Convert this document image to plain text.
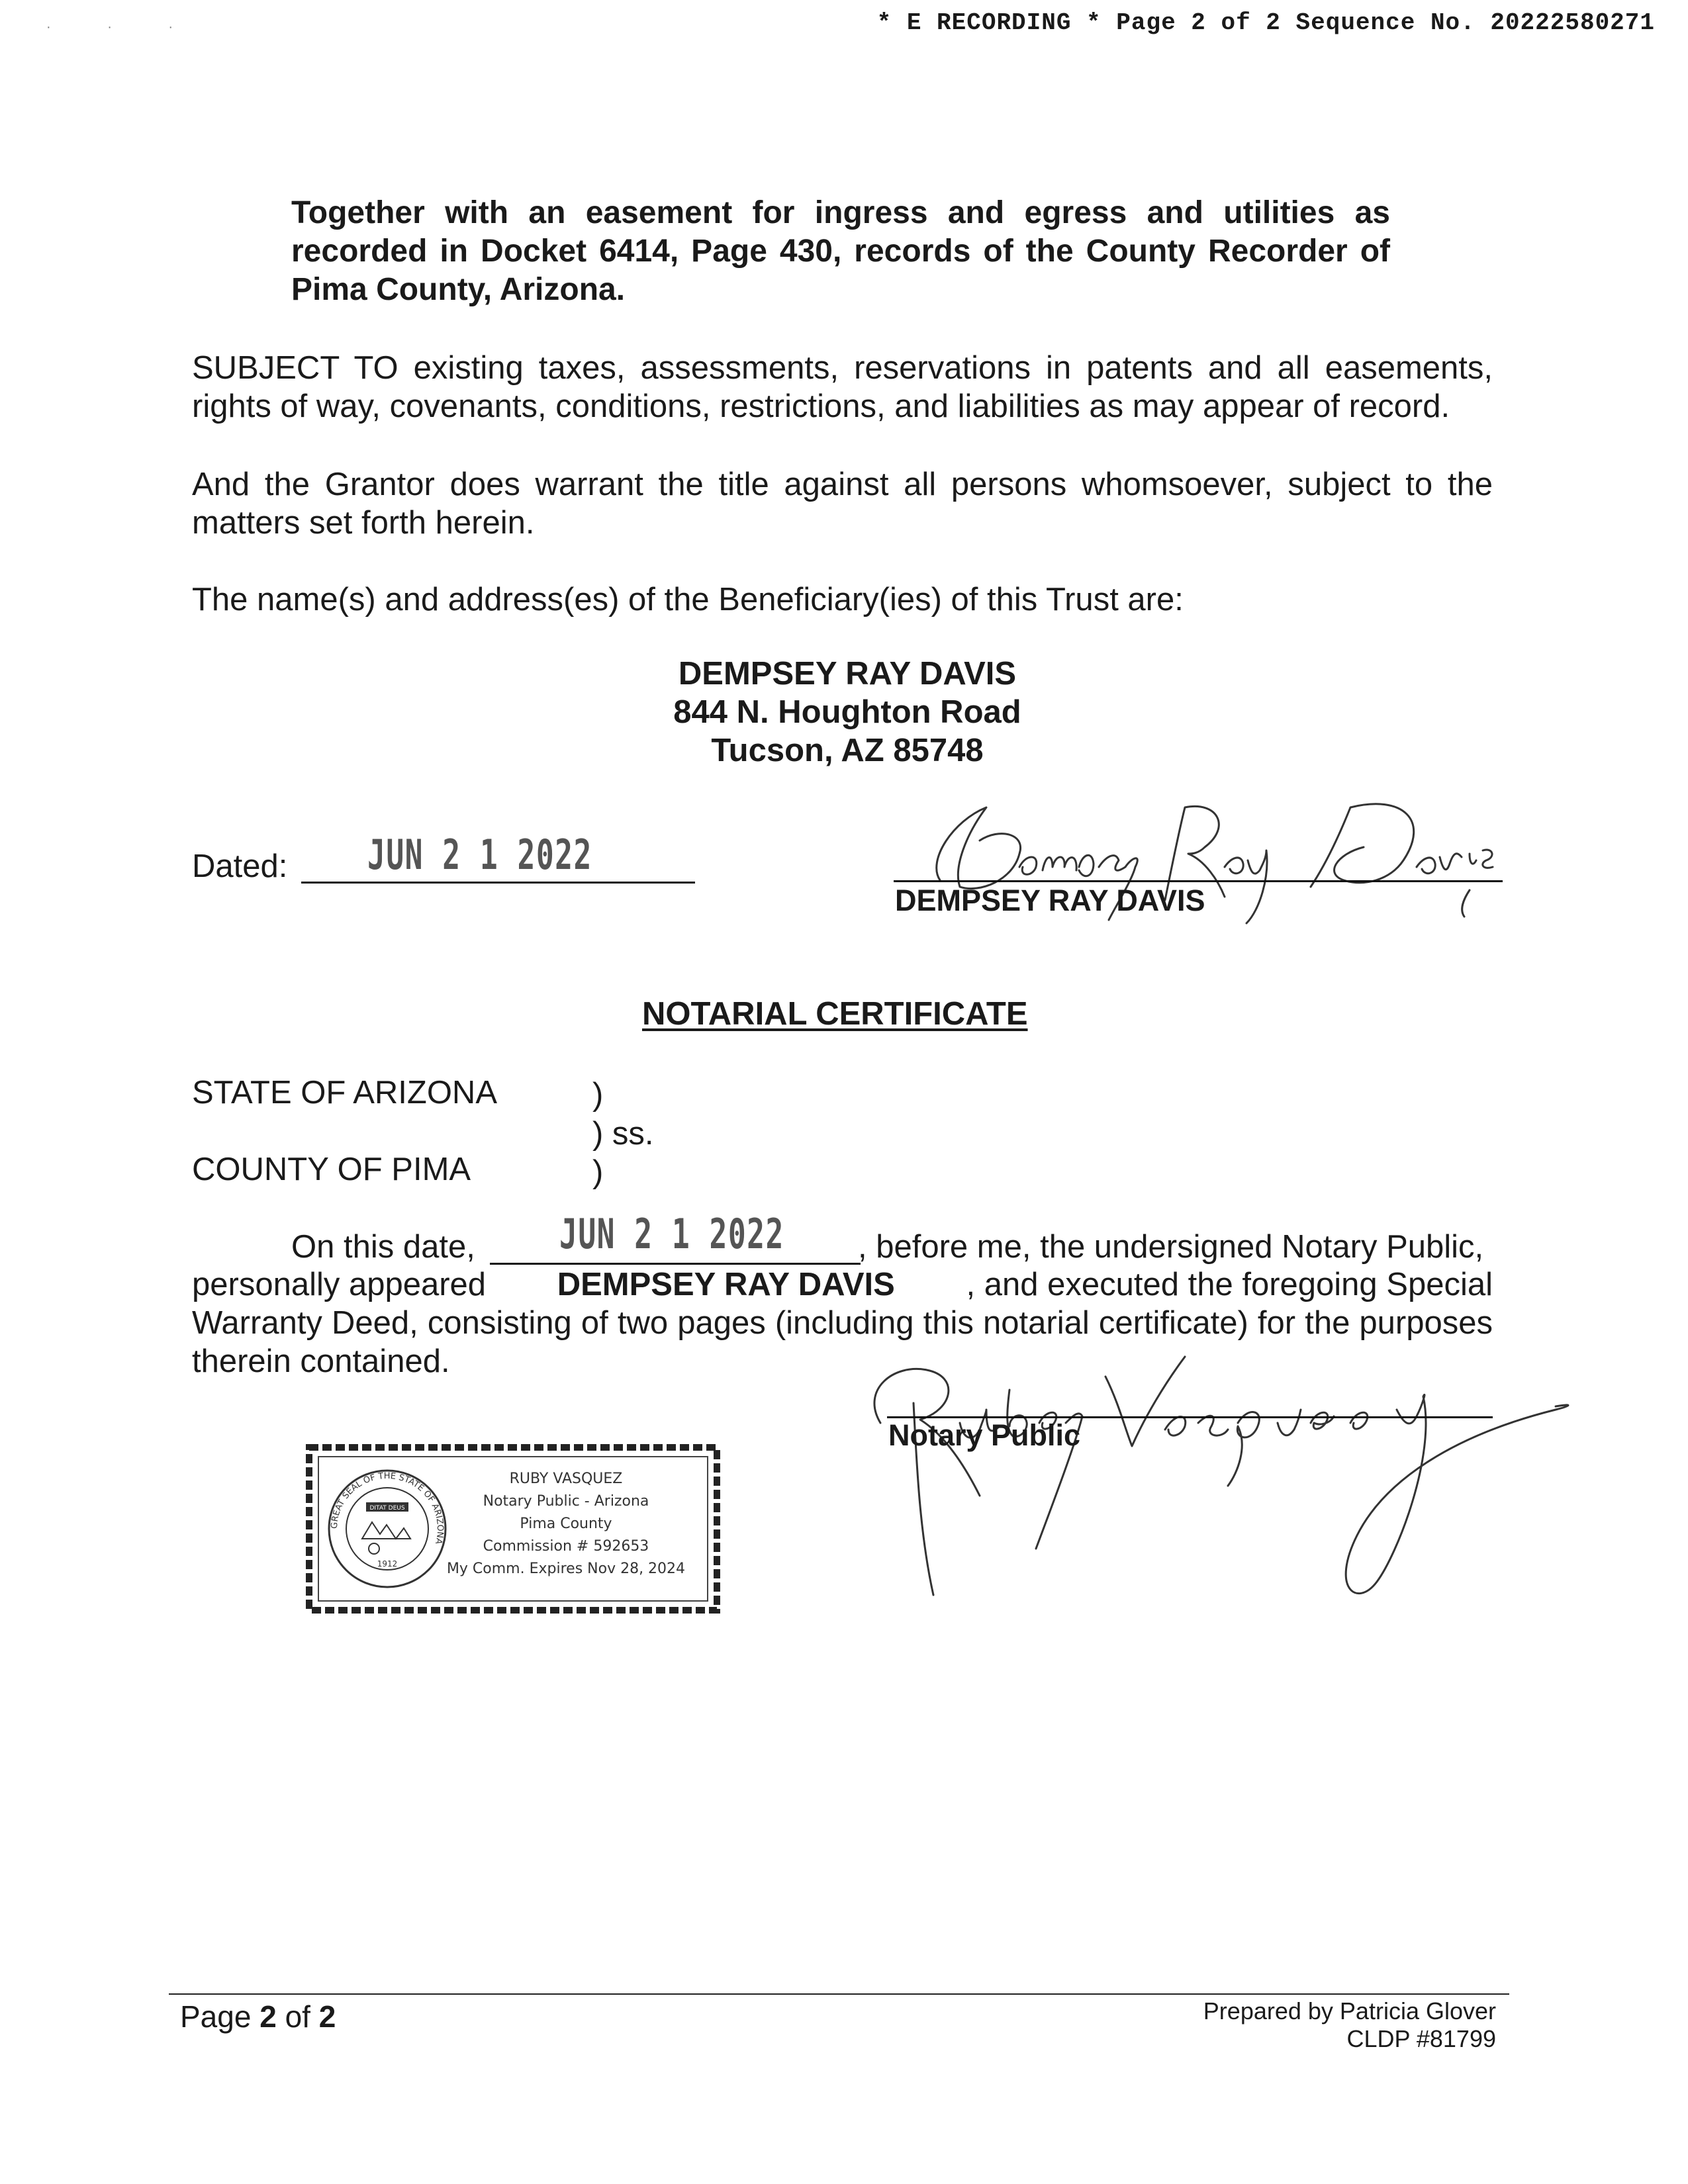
· · ·	* E RECORDING * Page 2 of 2 Sequence No. 20222580271
Together with an easement for ingress and egress and utilities as recorded in Docket 6414, Page 430, records of the County Recorder of Pima County, Arizona.
SUBJECT TO existing taxes, assessments, reservations in patents and all easements, rights of way, covenants, conditions, restrictions, and liabilities as may appear of record.
And the Grantor does warrant the title against all persons whomsoever, subject to the matters set forth herein.
The name(s) and address(es) of the Beneficiary(ies) of this Trust are:
DEMPSEY RAY DAVIS
844 N. Houghton Road
Tucson, AZ 85748
Dated: JUN 2 1 2022
DEMPSEY RAY DAVIS
NOTARIAL CERTIFICATE
STATE OF ARIZONA
COUNTY OF PIMA
)
) ss.
)
On this date, JUN 2 1 2022 , before me, the undersigned Notary Public,
personally appeared DEMPSEY RAY DAVIS , and executed the foregoing Special
Warranty Deed, consisting of two pages (including this notarial certificate) for the purposes therein contained.
GREAT SEAL OF THE STATE OF ARIZONA
DITAT DEUS
1912
RUBY VASQUEZ
Notary Public - Arizona
Pima County
Commission # 592653
My Comm. Expires Nov 28, 2024
Notary Public
Page 2 of 2	Prepared by Patricia Glover
CLDP #81799
